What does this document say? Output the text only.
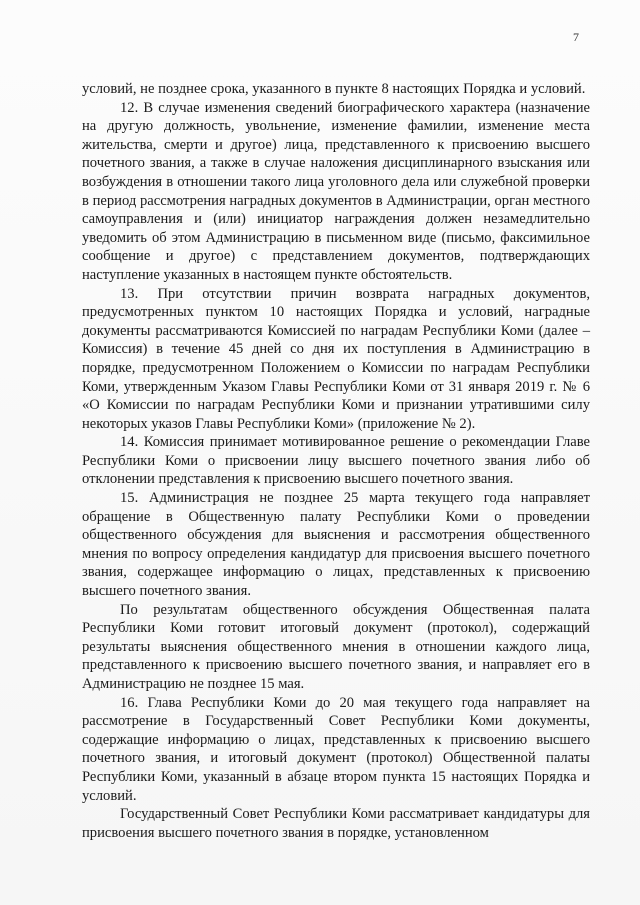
7

условий, не позднее срока, указанного в пункте 8 настоящих Порядка и условий.

12. В случае изменения сведений биографического характера (назначение на другую должность, увольнение, изменение фамилии, изменение места жительства, смерти и другое) лица, представленного к присвоению высшего почетного звания, а также в случае наложения дисциплинарного взыскания или возбуждения в отношении такого лица уголовного дела или служебной проверки в период рассмотрения наградных документов в Администрации, орган местного самоуправления и (или) инициатор награждения должен незамедлительно уведомить об этом Администрацию в письменном виде (письмо, факсимильное сообщение и другое) с представлением документов, подтверждающих наступление указанных в настоящем пункте обстоятельств.

13. При отсутствии причин возврата наградных документов, предусмотренных пунктом 10 настоящих Порядка и условий, наградные документы рассматриваются Комиссией по наградам Республики Коми (далее – Комиссия) в течение 45 дней со дня их поступления в Администрацию в порядке, предусмотренном Положением о Комиссии по наградам Республики Коми, утвержденным Указом Главы Республики Коми от 31 января 2019 г. № 6 «О Комиссии по наградам Республики Коми и признании утратившими силу некоторых указов Главы Республики Коми» (приложение № 2).

14. Комиссия принимает мотивированное решение о рекомендации Главе Республики Коми о присвоении лицу высшего почетного звания либо об отклонении представления к присвоению высшего почетного звания.

15. Администрация не позднее 25 марта текущего года направляет обращение в Общественную палату Республики Коми о проведении общественного обсуждения для выяснения и рассмотрения общественного мнения по вопросу определения кандидатур для присвоения высшего почетного звания, содержащее информацию о лицах, представленных к присвоению высшего почетного звания.

По результатам общественного обсуждения Общественная палата Республики Коми готовит итоговый документ (протокол), содержащий результаты выяснения общественного мнения в отношении каждого лица, представленного к присвоению высшего почетного звания, и направляет его в Администрацию не позднее 15 мая.

16. Глава Республики Коми до 20 мая текущего года направляет на рассмотрение в Государственный Совет Республики Коми документы, содержащие информацию о лицах, представленных к присвоению высшего почетного звания, и итоговый документ (протокол) Общественной палаты Республики Коми, указанный в абзаце втором пункта 15 настоящих Порядка и условий.

Государственный Совет Республики Коми рассматривает кандидатуры для присвоения высшего почетного звания в порядке, установленном
